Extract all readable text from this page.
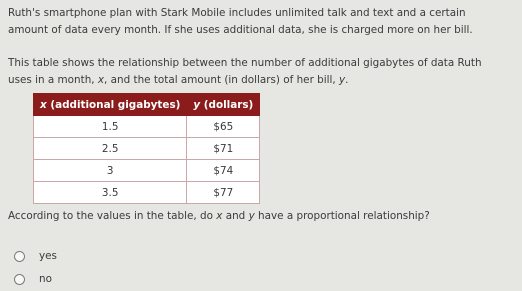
Ruth's smartphone plan with Stark Mobile includes unlimited talk and text and a certain
amount of data every month. If she uses additional data, she is charged more on her bill.
This table shows the relationship between the number of additional gigabytes of data Ruth
uses in a month, x, and the total amount (in dollars) of her bill, y.
x (additional gigabytes)	y (dollars)
1.5	$65
2.5	$71
3	$74
3.5	$77
According to the values in the table, do x and y have a proportional relationship?
yes
no
